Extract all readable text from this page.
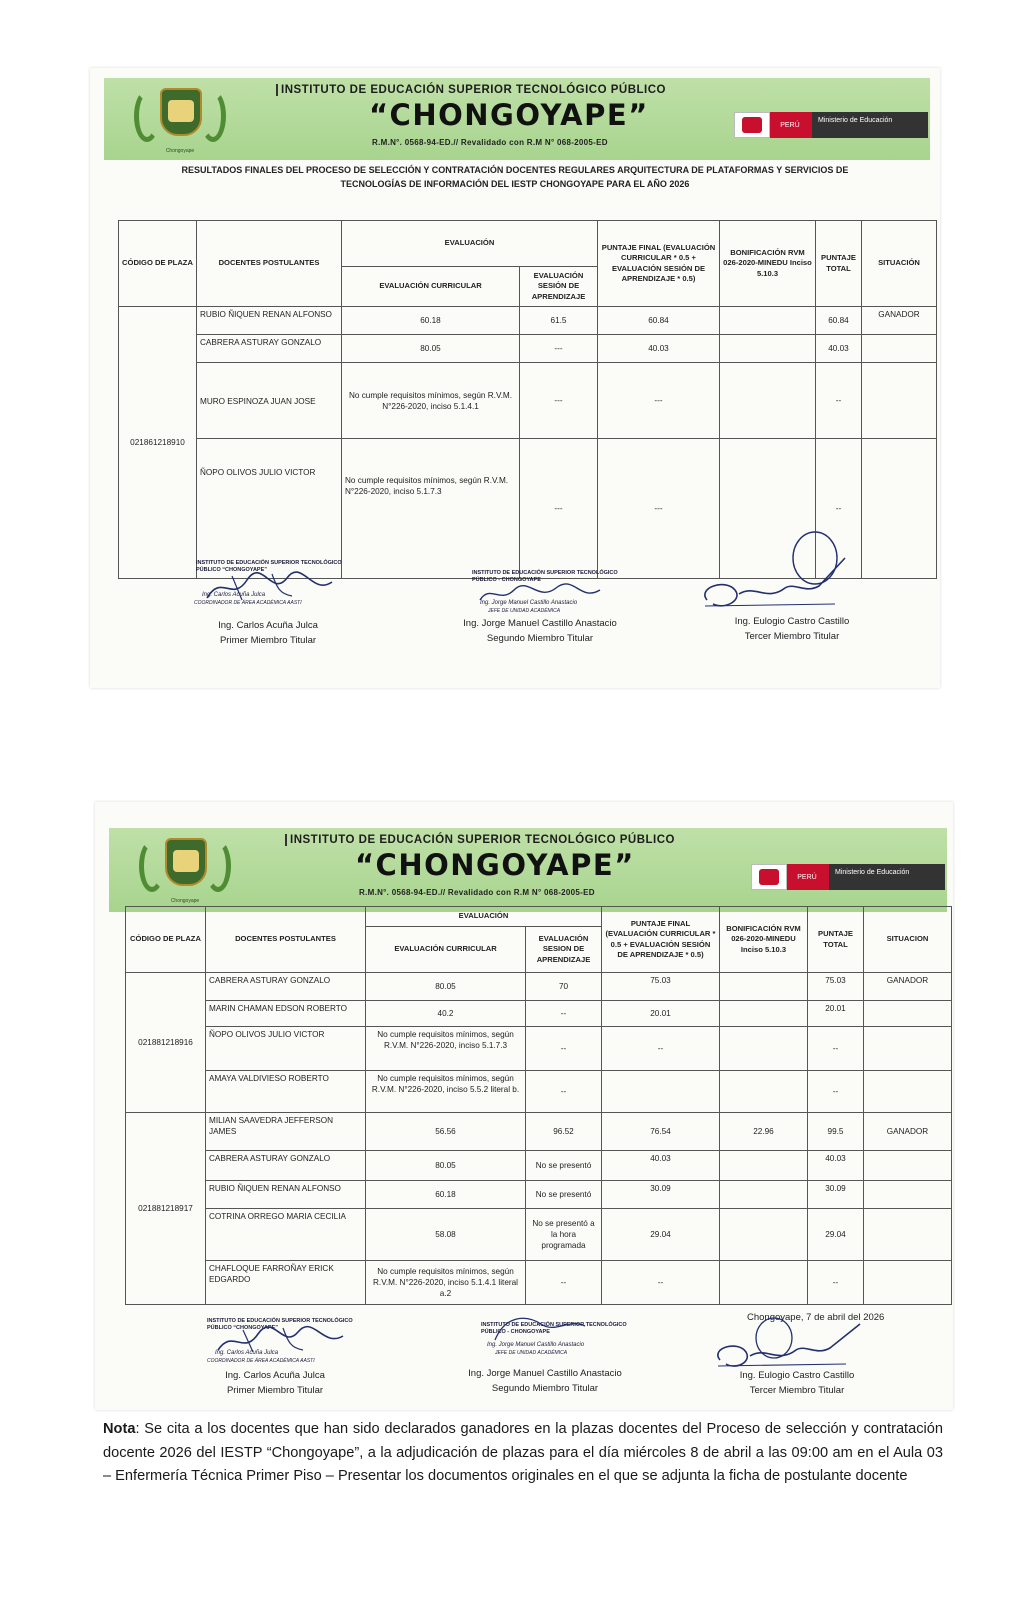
Chongoyape
INSTITUTO DE EDUCACIÓN SUPERIOR TECNOLÓGICO PÚBLICO
“CHONGOYAPE”
R.M.N°. 0568-94-ED.// Revalidado con R.M N° 068-2005-ED
PERÚ
Ministerio de Educación
RESULTADOS FINALES DEL PROCESO DE SELECCIÓN Y CONTRATACIÓN DOCENTES REGULARES ARQUITECTURA DE PLATAFORMAS Y SERVICIOS DE TECNOLOGÍAS DE INFORMACIÓN DEL IESTP CHONGOYAPE PARA EL AÑO 2026
CÓDIGO DE PLAZA	DOCENTES POSTULANTES	EVALUACIÓN		PUNTAJE FINAL (EVALUACIÓN CURRICULAR * 0.5 + EVALUACIÓN SESIÓN DE APRENDIZAJE * 0.5)	BONIFICACIÓN RVM 026-2020-MINEDU Inciso 5.10.3	PUNTAJE TOTAL	SITUACIÓN
		EVALUACIÓN CURRICULAR	EVALUACIÓN SESIÓN DE APRENDIZAJE				
021861218910	RUBIO ÑIQUEN RENAN ALFONSO	60.18	61.5	60.84		60.84	GANADOR
	CABRERA ASTURAY GONZALO	80.05	---	40.03		40.03	
	MURO ESPINOZA JUAN JOSE	No cumple requisitos mínimos, según R.V.M. N°226-2020, inciso 5.1.4.1	---	---		--	
	ÑOPO OLIVOS JULIO VICTOR	No cumple requisitos mínimos, según R.V.M. N°226-2020, inciso 5.1.7.3	---	---		--	
INSTITUTO DE EDUCACIÓN SUPERIOR TECNOLÓGICO PÚBLICO “CHONGOYAPE”
Ing. Carlos Acuña Julca
COORDINADOR DE ÁREA ACADÉMICA AASTI
Ing. Carlos Acuña Julca
Primer Miembro Titular
INSTITUTO DE EDUCACIÓN SUPERIOR TECNOLÓGICO PÚBLICO - CHONGOYAPE
Ing. Jorge Manuel Castillo Anastacio
JEFE DE UNIDAD ACADÉMICA
Ing. Jorge Manuel Castillo Anastacio
Segundo Miembro Titular
Ing. Eulogio Castro Castillo
Tercer Miembro Titular
Chongoyape
INSTITUTO DE EDUCACIÓN SUPERIOR TECNOLÓGICO PÚBLICO
“CHONGOYAPE”
R.M.N°. 0568-94-ED.// Revalidado con R.M N° 068-2005-ED
PERÚ
Ministerio de Educación
CÓDIGO DE PLAZA	DOCENTES POSTULANTES	EVALUACIÓN		PUNTAJE FINAL (EVALUACIÓN CURRICULAR * 0.5 + EVALUACIÓN SESIÓN DE APRENDIZAJE * 0.5)	BONIFICACIÓN RVM 026-2020-MINEDU Inciso 5.10.3	PUNTAJE TOTAL	SITUACION
		EVALUACIÓN CURRICULAR	EVALUACIÓN SESION DE APRENDIZAJE				
021881218916	CABRERA ASTURAY GONZALO	80.05	70	75.03		75.03	GANADOR
	MARIN CHAMAN EDSON ROBERTO	40.2	--	20.01		20.01	
	ÑOPO OLIVOS JULIO VICTOR	No cumple requisitos mínimos, según R.V.M. N°226-2020, inciso 5.1.7.3	--	--		--	
	AMAYA VALDIVIESO ROBERTO	No cumple requisitos mínimos, según R.V.M. N°226-2020, inciso 5.5.2 literal b.	--			--	
021881218917	MILIAN SAAVEDRA JEFFERSON JAMES	56.56	96.52	76.54	22.96	99.5	GANADOR
	CABRERA ASTURAY GONZALO	80.05	No se presentó	40.03		40.03	
	RUBIO ÑIQUEN RENAN ALFONSO	60.18	No se presentó	30.09		30.09	
	COTRINA ORREGO MARIA CECILIA	58.08	No se presentó a la hora programada	29.04		29.04	
	CHAFLOQUE FARROÑAY ERICK EDGARDO	No cumple requisitos mínimos, según R.V.M. N°226-2020, inciso 5.1.4.1 literal a.2	--	--		--	
INSTITUTO DE EDUCACIÓN SUPERIOR TECNOLÓGICO PÚBLICO “CHONGOYAPE”
Ing. Carlos Acuña Julca
COORDINADOR DE ÁREA ACADÉMICA AASTI
Ing. Carlos Acuña Julca
Primer Miembro Titular
INSTITUTO DE EDUCACIÓN SUPERIOR TECNOLÓGICO PÚBLICO - CHONGOYAPE
Ing. Jorge Manuel Castillo Anastacio
JEFE DE UNIDAD ACADÉMICA
Ing. Jorge Manuel Castillo Anastacio
Segundo Miembro Titular
Chongoyape, 7 de abril del 2026
Ing. Eulogio Castro Castillo
Tercer Miembro Titular
Nota: Se cita a los docentes que han sido declarados ganadores en la plazas docentes del Proceso de selección y contratación docente 2026 del IESTP “Chongoyape”, a la adjudicación de plazas para el día miércoles 8 de abril a las 09:00 am en el Aula 03 – Enfermería Técnica Primer Piso – Presentar los documentos originales en el que se adjunta la ficha de postulante docente
